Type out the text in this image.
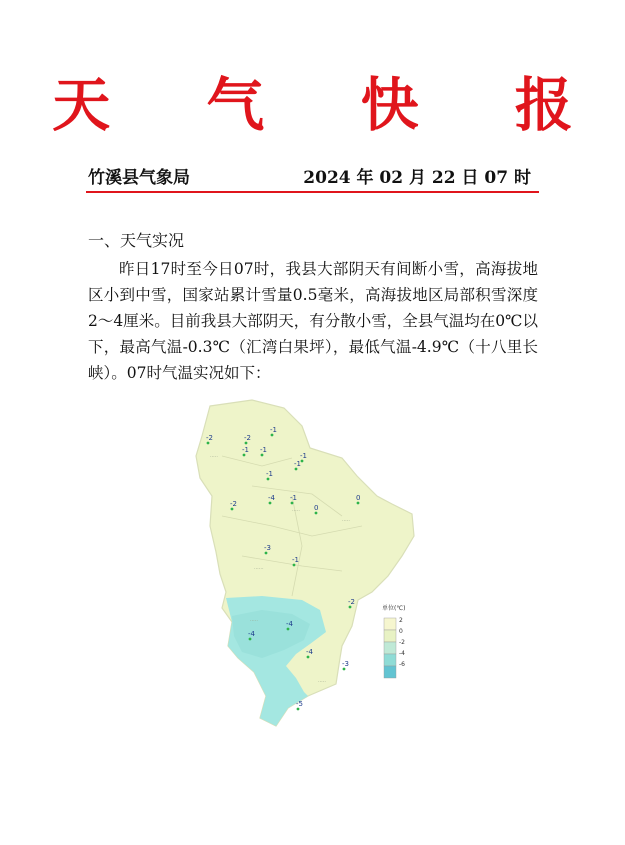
天 气 快 报
竹溪县气象局	2024 年 02 月 22 日 07 时
一、天气实况
昨日17时至今日07时，我县大部阴天有间断小雪，高海拔地区小到中雪，国家站累计雪量0.5毫米，高海拔地区局部积雪深度2～4厘米。目前我县大部阴天，有分散小雪，全县气温均在0℃以下，最高气温-0.3℃（汇湾白果坪），最低气温-4.9℃（十八里长峡）。07时气温实况如下：
·····
·····
·····
······
·····
·····
-2	-2
-1
-1 -1
-1
-1
-1
-4 -1
-2	0
0
-3
-1
-2
-4
-4
-4
-3
-5
单位(℃)
2
0
-2
-4
-6
